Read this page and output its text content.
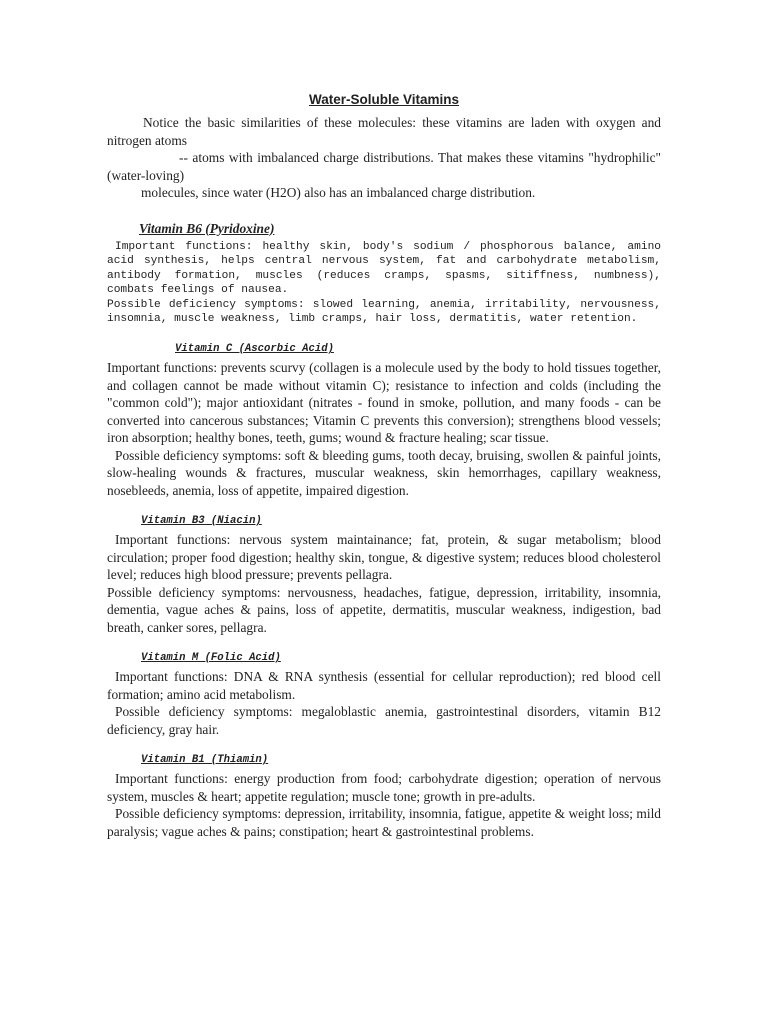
Water-Soluble Vitamins

Notice the basic similarities of these molecules: these vitamins are laden with oxygen and nitrogen atoms

-- atoms with imbalanced charge distributions. That makes these vitamins "hydrophilic" (water-loving)

molecules, since water (H2O) also has an imbalanced charge distribution.

Vitamin B6 (Pyridoxine)

Important functions: healthy skin, body's sodium / phosphorous balance, amino acid synthesis, helps central nervous system, fat and carbohydrate metabolism, antibody formation, muscles (reduces cramps, spasms, sitiffness, numbness), combats feelings of nausea.

Possible deficiency symptoms: slowed learning, anemia, irritability, nervousness, insomnia, muscle weakness, limb cramps, hair loss, dermatitis, water retention.

Vitamin C (Ascorbic Acid)

Important functions: prevents scurvy (collagen is a molecule used by the body to hold tissues together, and collagen cannot be made without vitamin C); resistance to infection and colds (including the "common cold"); major antioxidant (nitrates - found in smoke, pollution, and many foods - can be converted into cancerous substances; Vitamin C prevents this conversion); strengthens blood vessels; iron absorption; healthy bones, teeth, gums; wound & fracture healing; scar tissue.

Possible deficiency symptoms: soft & bleeding gums, tooth decay, bruising, swollen & painful joints, slow-healing wounds & fractures, muscular weakness, skin hemorrhages, capillary weakness, nosebleeds, anemia, loss of appetite, impaired digestion.

Vitamin B3 (Niacin)

Important functions: nervous system maintainance; fat, protein, & sugar metabolism; blood circulation; proper food digestion; healthy skin, tongue, & digestive system; reduces blood cholesterol level; reduces high blood pressure; prevents pellagra.

Possible deficiency symptoms: nervousness, headaches, fatigue, depression, irritability, insomnia, dementia, vague aches & pains, loss of appetite, dermatitis, muscular weakness, indigestion, bad breath, canker sores, pellagra.

Vitamin M (Folic Acid)

Important functions: DNA & RNA synthesis (essential for cellular reproduction); red blood cell formation; amino acid metabolism.

Possible deficiency symptoms: megaloblastic anemia, gastrointestinal disorders, vitamin B12 deficiency, gray hair.

Vitamin B1 (Thiamin)

Important functions: energy production from food; carbohydrate digestion; operation of nervous system, muscles & heart; appetite regulation; muscle tone; growth in pre-adults.

Possible deficiency symptoms: depression, irritability, insomnia, fatigue, appetite & weight loss; mild paralysis; vague aches & pains; constipation; heart & gastrointestinal problems.
